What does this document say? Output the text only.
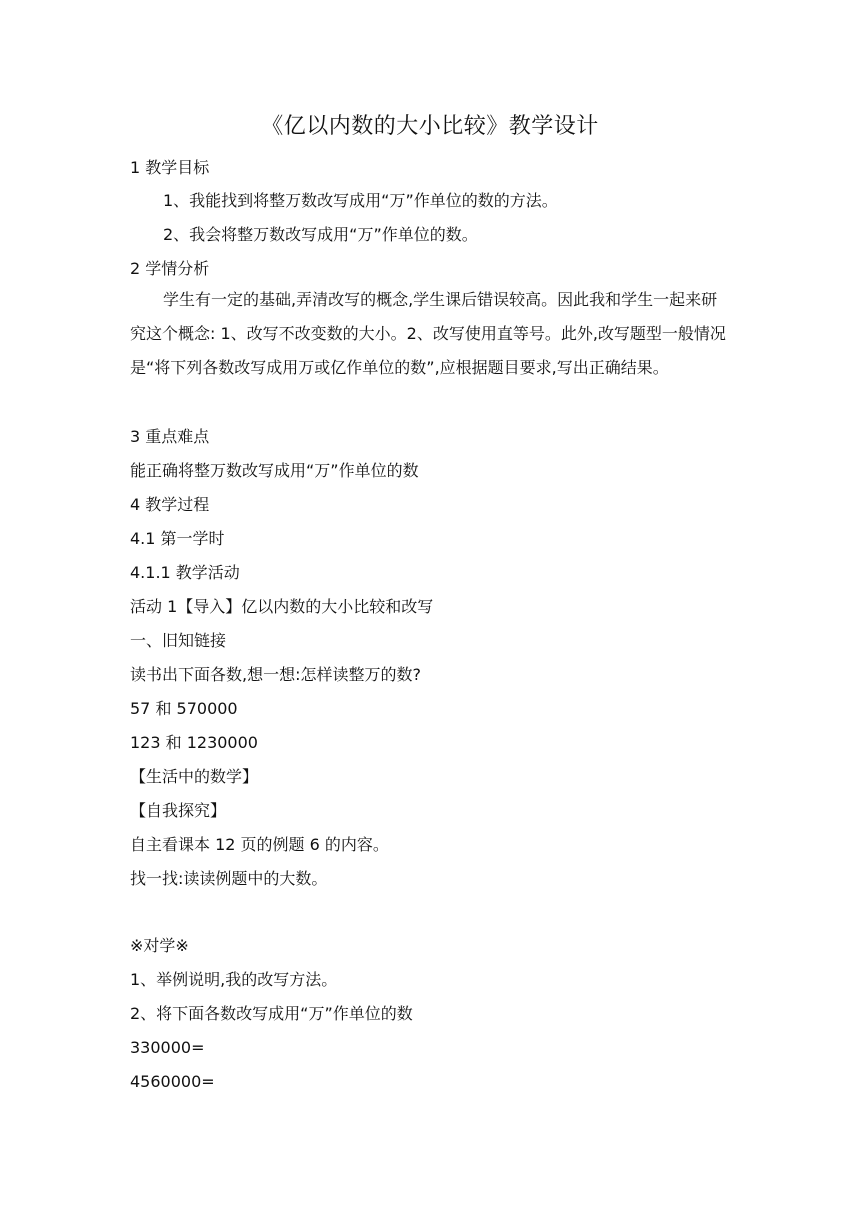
《亿以内数的大小比较》教学设计
1 教学目标
1、我能找到将整万数改写成用“万”作单位的数的方法。
2、我会将整万数改写成用“万”作单位的数。
2 学情分析
学生有一定的基础,弄清改写的概念,学生课后错误较高。因此我和学生一起来研究这个概念: 1、改写不改变数的大小。2、改写使用直等号。此外,改写题型一般情况是“将下列各数改写成用万或亿作单位的数”,应根据题目要求,写出正确结果。
3 重点难点
能正确将整万数改写成用“万”作单位的数
4 教学过程
4.1 第一学时
4.1.1 教学活动
活动 1【导入】亿以内数的大小比较和改写
一、旧知链接
读书出下面各数,想一想:怎样读整万的数?
57 和 570000
123 和 1230000
【生活中的数学】
【自我探究】
自主看课本 12 页的例题 6 的内容。
找一找:读读例题中的大数。
※对学※
1、举例说明,我的改写方法。
2、将下面各数改写成用“万”作单位的数
330000=
4560000=
